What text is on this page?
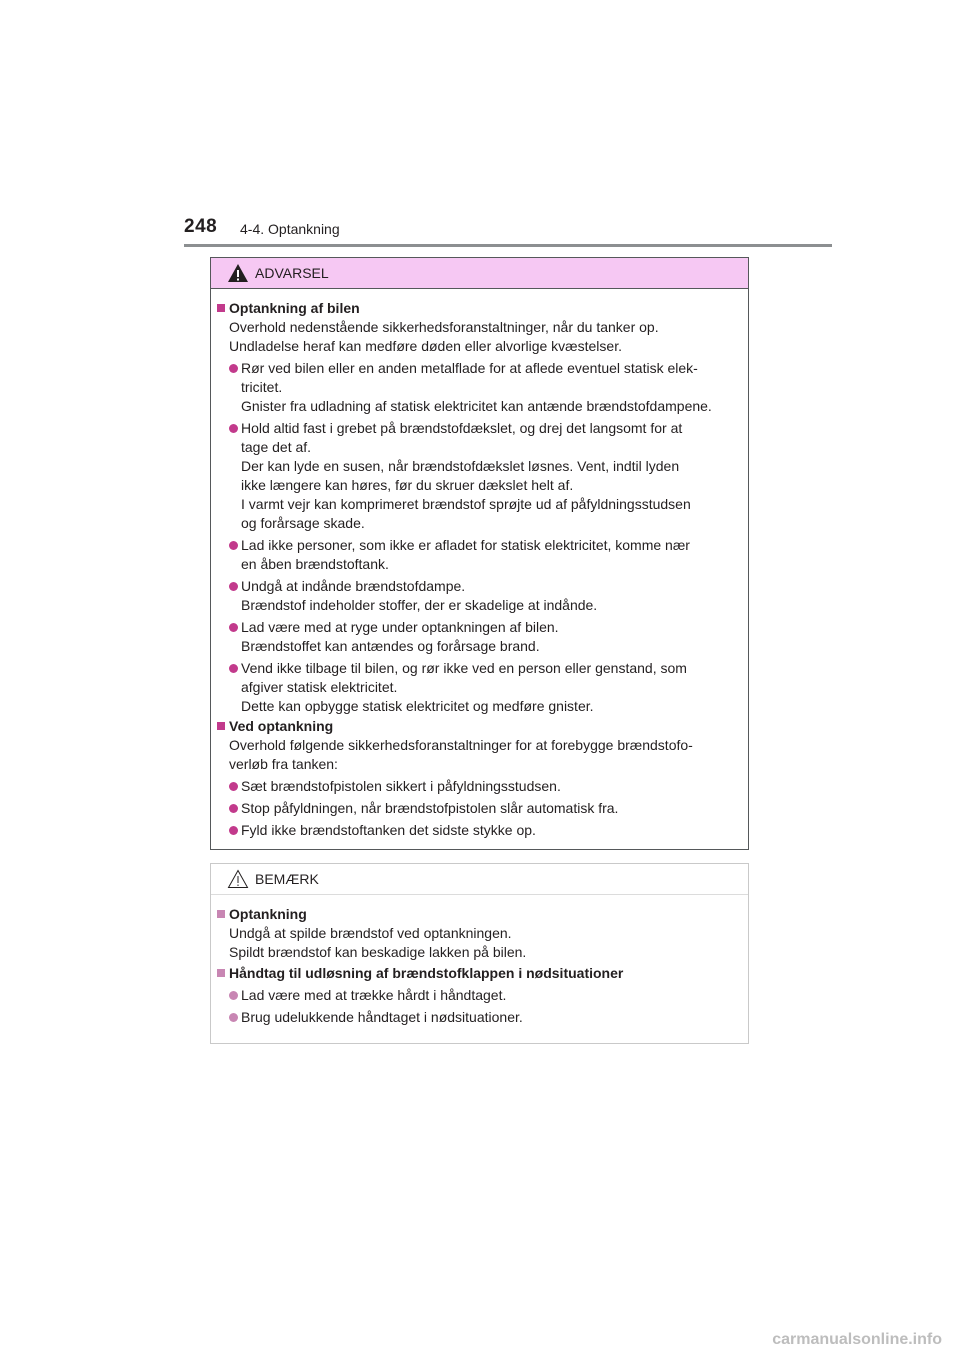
248 4-4. Optankning
ADVARSEL
Optankning af bilen
Overhold nedenstående sikkerhedsforanstaltninger, når du tanker op.
Undladelse heraf kan medføre døden eller alvorlige kvæstelser.
Rør ved bilen eller en anden metalflade for at aflede eventuel statisk elek-
tricitet.
Gnister fra udladning af statisk elektricitet kan antænde brændstofdampene.
Hold altid fast i grebet på brændstofdækslet, og drej det langsomt for at
tage det af.
Der kan lyde en susen, når brændstofdækslet løsnes. Vent, indtil lyden
ikke længere kan høres, før du skruer dækslet helt af.
I varmt vejr kan komprimeret brændstof sprøjte ud af påfyldningsstudsen
og forårsage skade.
Lad ikke personer, som ikke er afladet for statisk elektricitet, komme nær
en åben brændstoftank.
Undgå at indånde brændstofdampe.
Brændstof indeholder stoffer, der er skadelige at indånde.
Lad være med at ryge under optankningen af bilen.
Brændstoffet kan antændes og forårsage brand.
Vend ikke tilbage til bilen, og rør ikke ved en person eller genstand, som
afgiver statisk elektricitet.
Dette kan opbygge statisk elektricitet og medføre gnister.
Ved optankning
Overhold følgende sikkerhedsforanstaltninger for at forebygge brændstofo-
verløb fra tanken:
Sæt brændstofpistolen sikkert i påfyldningsstudsen.
Stop påfyldningen, når brændstofpistolen slår automatisk fra.
Fyld ikke brændstoftanken det sidste stykke op.
BEMÆRK
Optankning
Undgå at spilde brændstof ved optankningen.
Spildt brændstof kan beskadige lakken på bilen.
Håndtag til udløsning af brændstofklappen i nødsituationer
Lad være med at trække hårdt i håndtaget.
Brug udelukkende håndtaget i nødsituationer.
carmanualsonline.info
